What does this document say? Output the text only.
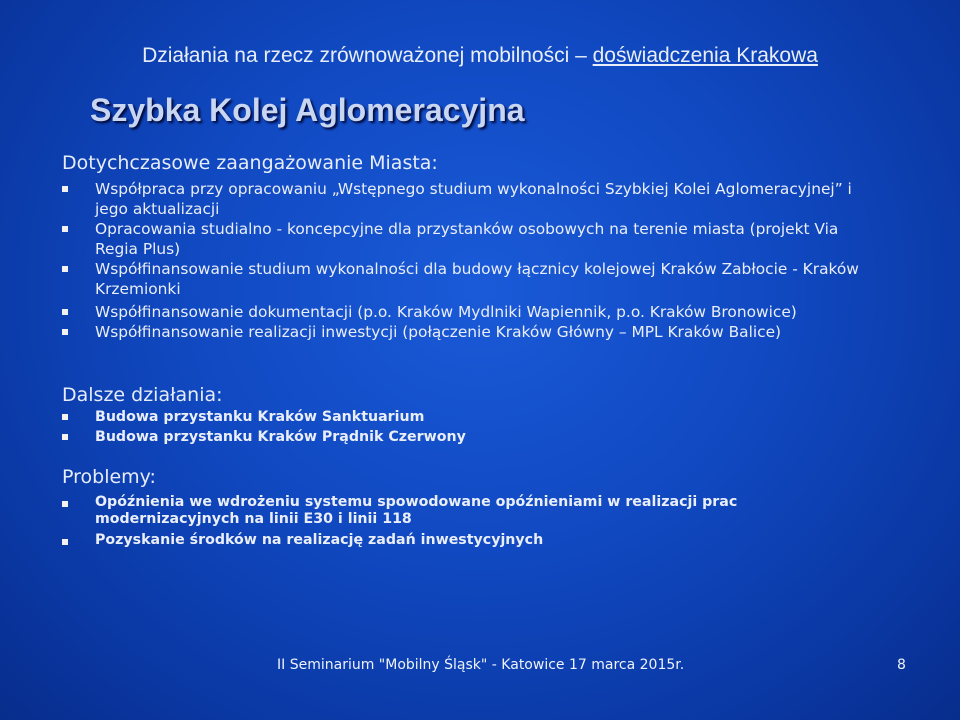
Działania na rzecz zrównoważonej mobilności – doświadczenia Krakowa
Szybka Kolej Aglomeracyjna
Dotychczasowe zaangażowanie Miasta:
Współpraca przy opracowaniu „Wstępnego studium wykonalności Szybkiej Kolei Aglomeracyjnej” i jego aktualizacji
Opracowania studialno - koncepcyjne dla przystanków osobowych na terenie miasta (projekt Via Regia Plus)
Współfinansowanie studium wykonalności dla budowy łącznicy kolejowej Kraków Zabłocie - Kraków Krzemionki
Współfinansowanie dokumentacji (p.o. Kraków Mydlniki Wapiennik, p.o. Kraków Bronowice)
Współfinansowanie realizacji inwestycji (połączenie Kraków Główny – MPL Kraków Balice)
Dalsze działania:
Budowa przystanku Kraków Sanktuarium
Budowa przystanku Kraków Prądnik Czerwony
Problemy:
Opóźnienia we wdrożeniu systemu spowodowane opóźnieniami w realizacji prac modernizacyjnych na linii E30 i linii 118
Pozyskanie środków na realizację zadań inwestycyjnych
II Seminarium "Mobilny Śląsk" - Katowice 17 marca 2015r.	8
